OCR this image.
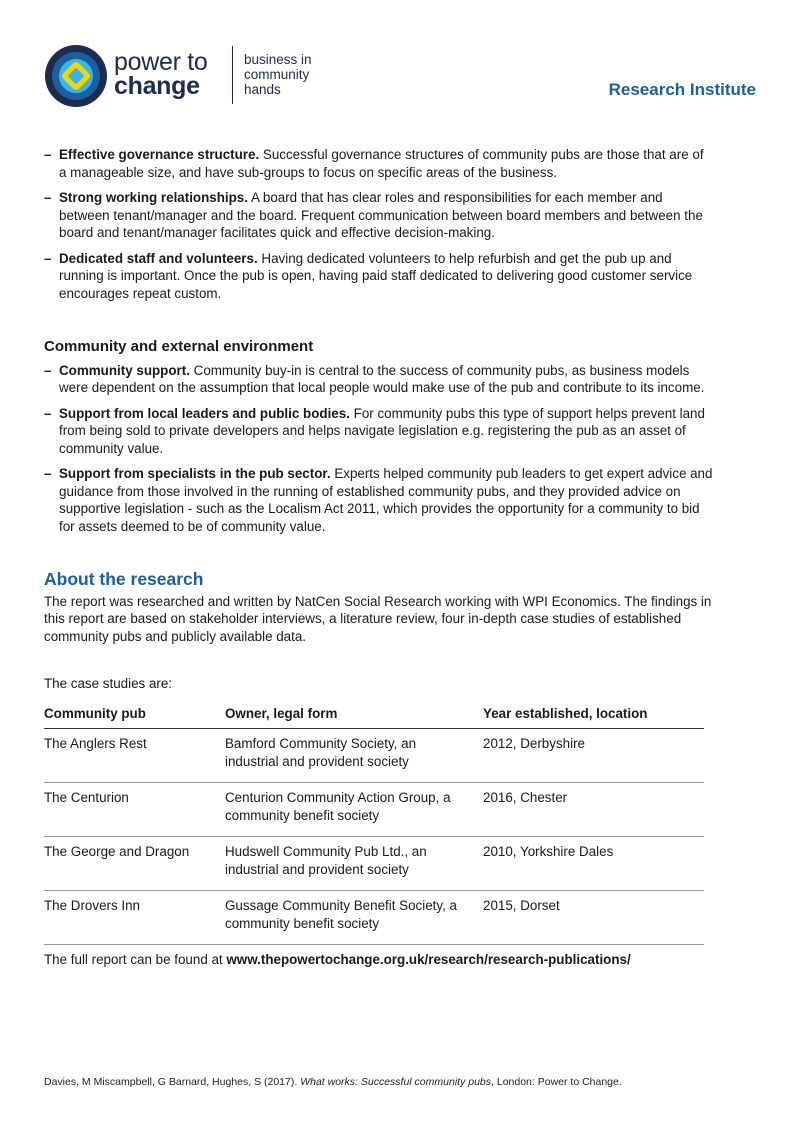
power to
change
business in
community
hands	Research Institute
– Effective governance structure. Successful governance structures of community pubs are those that are of a manageable size, and have sub-groups to focus on specific areas of the business.
– Strong working relationships. A board that has clear roles and responsibilities for each member and between tenant/manager and the board. Frequent communication between board members and between the board and tenant/manager facilitates quick and effective decision-making.
– Dedicated staff and volunteers. Having dedicated volunteers to help refurbish and get the pub up and running is important. Once the pub is open, having paid staff dedicated to delivering good customer service encourages repeat custom.
Community and external environment
– Community support. Community buy-in is central to the success of community pubs, as business models were dependent on the assumption that local people would make use of the pub and contribute to its income.
– Support from local leaders and public bodies. For community pubs this type of support helps prevent land from being sold to private developers and helps navigate legislation e.g. registering the pub as an asset of community value.
– Support from specialists in the pub sector. Experts helped community pub leaders to get expert advice and guidance from those involved in the running of established community pubs, and they provided advice on supportive legislation - such as the Localism Act 2011, which provides the opportunity for a community to bid for assets deemed to be of community value.
About the research

The report was researched and written by NatCen Social Research working with WPI Economics. The findings in this report are based on stakeholder interviews, a literature review, four in-depth case studies of established community pubs and publicly available data.

The case studies are:

Community pub	Owner, legal form	Year established, location
The Anglers Rest	Bamford Community Society, an industrial and provident society	2012, Derbyshire
The Centurion	Centurion Community Action Group, a community benefit society	2016, Chester
The George and Dragon	Hudswell Community Pub Ltd., an industrial and provident society	2010, Yorkshire Dales
The Drovers Inn	Gussage Community Benefit Society, a community benefit society	2015, Dorset

The full report can be found at www.thepowertochange.org.uk/research/research-publications/

Davies, M Miscampbell, G Barnard, Hughes, S (2017). What works: Successful community pubs, London: Power to Change.
